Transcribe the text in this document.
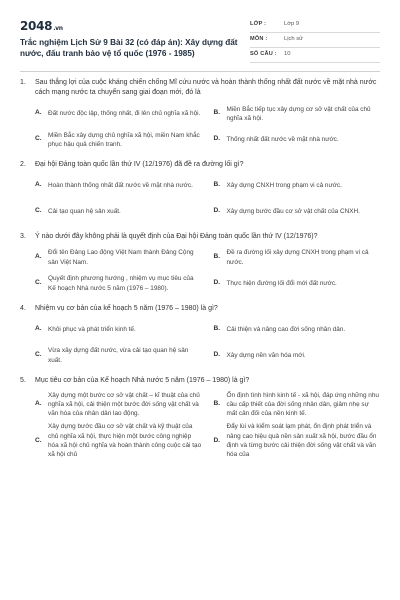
2048.vn
Trắc nghiệm Lịch Sử 9 Bài 32 (có đáp án): Xây dựng đất nước, đấu tranh bảo vệ tổ quốc (1976 - 1985)
LỚP :	Lớp 9
MÔN :	Lịch sử
SỐ CÂU :	10
1.	Sau thắng lợi của cuộc kháng chiến chống Mĩ cứu nước và hoàn thành thống nhất đất nước về mặt nhà nước cách mạng nước ta chuyển sang giai đoạn mới, đó là
A.	Đất nước độc lập, thống nhất, đi lên chủ nghĩa xã hội. B.
Miền Bắc tiếp tục xây dựng cơ sở vật chất của chủ nghĩa xã hội.
C.
Miền Bắc xây dựng chủ nghĩa xã hội, miền Nam khắc phục hậu quả chiến tranh.
D.	Thống nhất đất nước về mặt nhà nước.
2.	Đại hội Đảng toàn quốc lần thứ IV (12/1976) đã đề ra đường lối gì?
A.	Hoàn thành thống nhất đất nước về mặt nhà nước.	B.	Xây dựng CNXH trong phạm vi cả nước.
C.	Cải tạo quan hệ sản xuất.	D.	Xây dựng bước đầu cơ sở vật chất của CNXH.
3.	Ý nào dưới đây không phải là quyết định của Đại hội Đảng toàn quốc lần thứ IV (12/1976)?
A.
Đổi tên Đảng Lao động Việt Nam thành Đảng Cộng sản Việt Nam.
B.
Đề ra đường lối xây dựng CNXH trong phạm vi cả nước.
C.
Quyết định phương hướng , nhiệm vụ mục tiêu của Kế hoạch Nhà nước 5 năm (1976 – 1980).
D.	Thực hiện đường lối đổi mới đất nước.
4.	Nhiệm vụ cơ bản của kế hoạch 5 năm (1976 – 1980) là gì?
A.	Khôi phục và phát triển kinh tế.	B.	Cải thiện và nâng cao đời sống nhân dân.
C.
Vừa xây dựng đất nước, vừa cải tạo quan hệ sản xuất.
D.	Xây dựng nền văn hóa mới.
5.	Mục tiêu cơ bản của Kế hoạch Nhà nước 5 năm (1976 – 1980) là gì?
A.
Xây dựng một bước cơ sở vật chất – kĩ thuật của chủ nghĩa xã hội, cải thiện một bước đời sống vật chất và văn hóa của nhân dân lao động.
B.
Ổn định tình hình kinh tế - xã hội, đáp ứng những nhu cầu cấp thiết của đời sống nhân dân, giảm nhẹ sự mất cân đối của nền kinh tế.
C.
Xây dựng bước đầu cơ sở vật chất và kỹ thuật của chủ nghĩa xã hội, thực hiện một bước công nghiệp hóa xã hội chủ nghĩa và hoàn thành công cuộc cải tạo xã hội chủ
D.
Đẩy lùi và kiểm soát lạm phát, ổn định phát triển và nâng cao hiệu quả nền sản xuất xã hội, bước đầu ổn định và từng bước cải thiện đời sống vật chất và văn hóa của
